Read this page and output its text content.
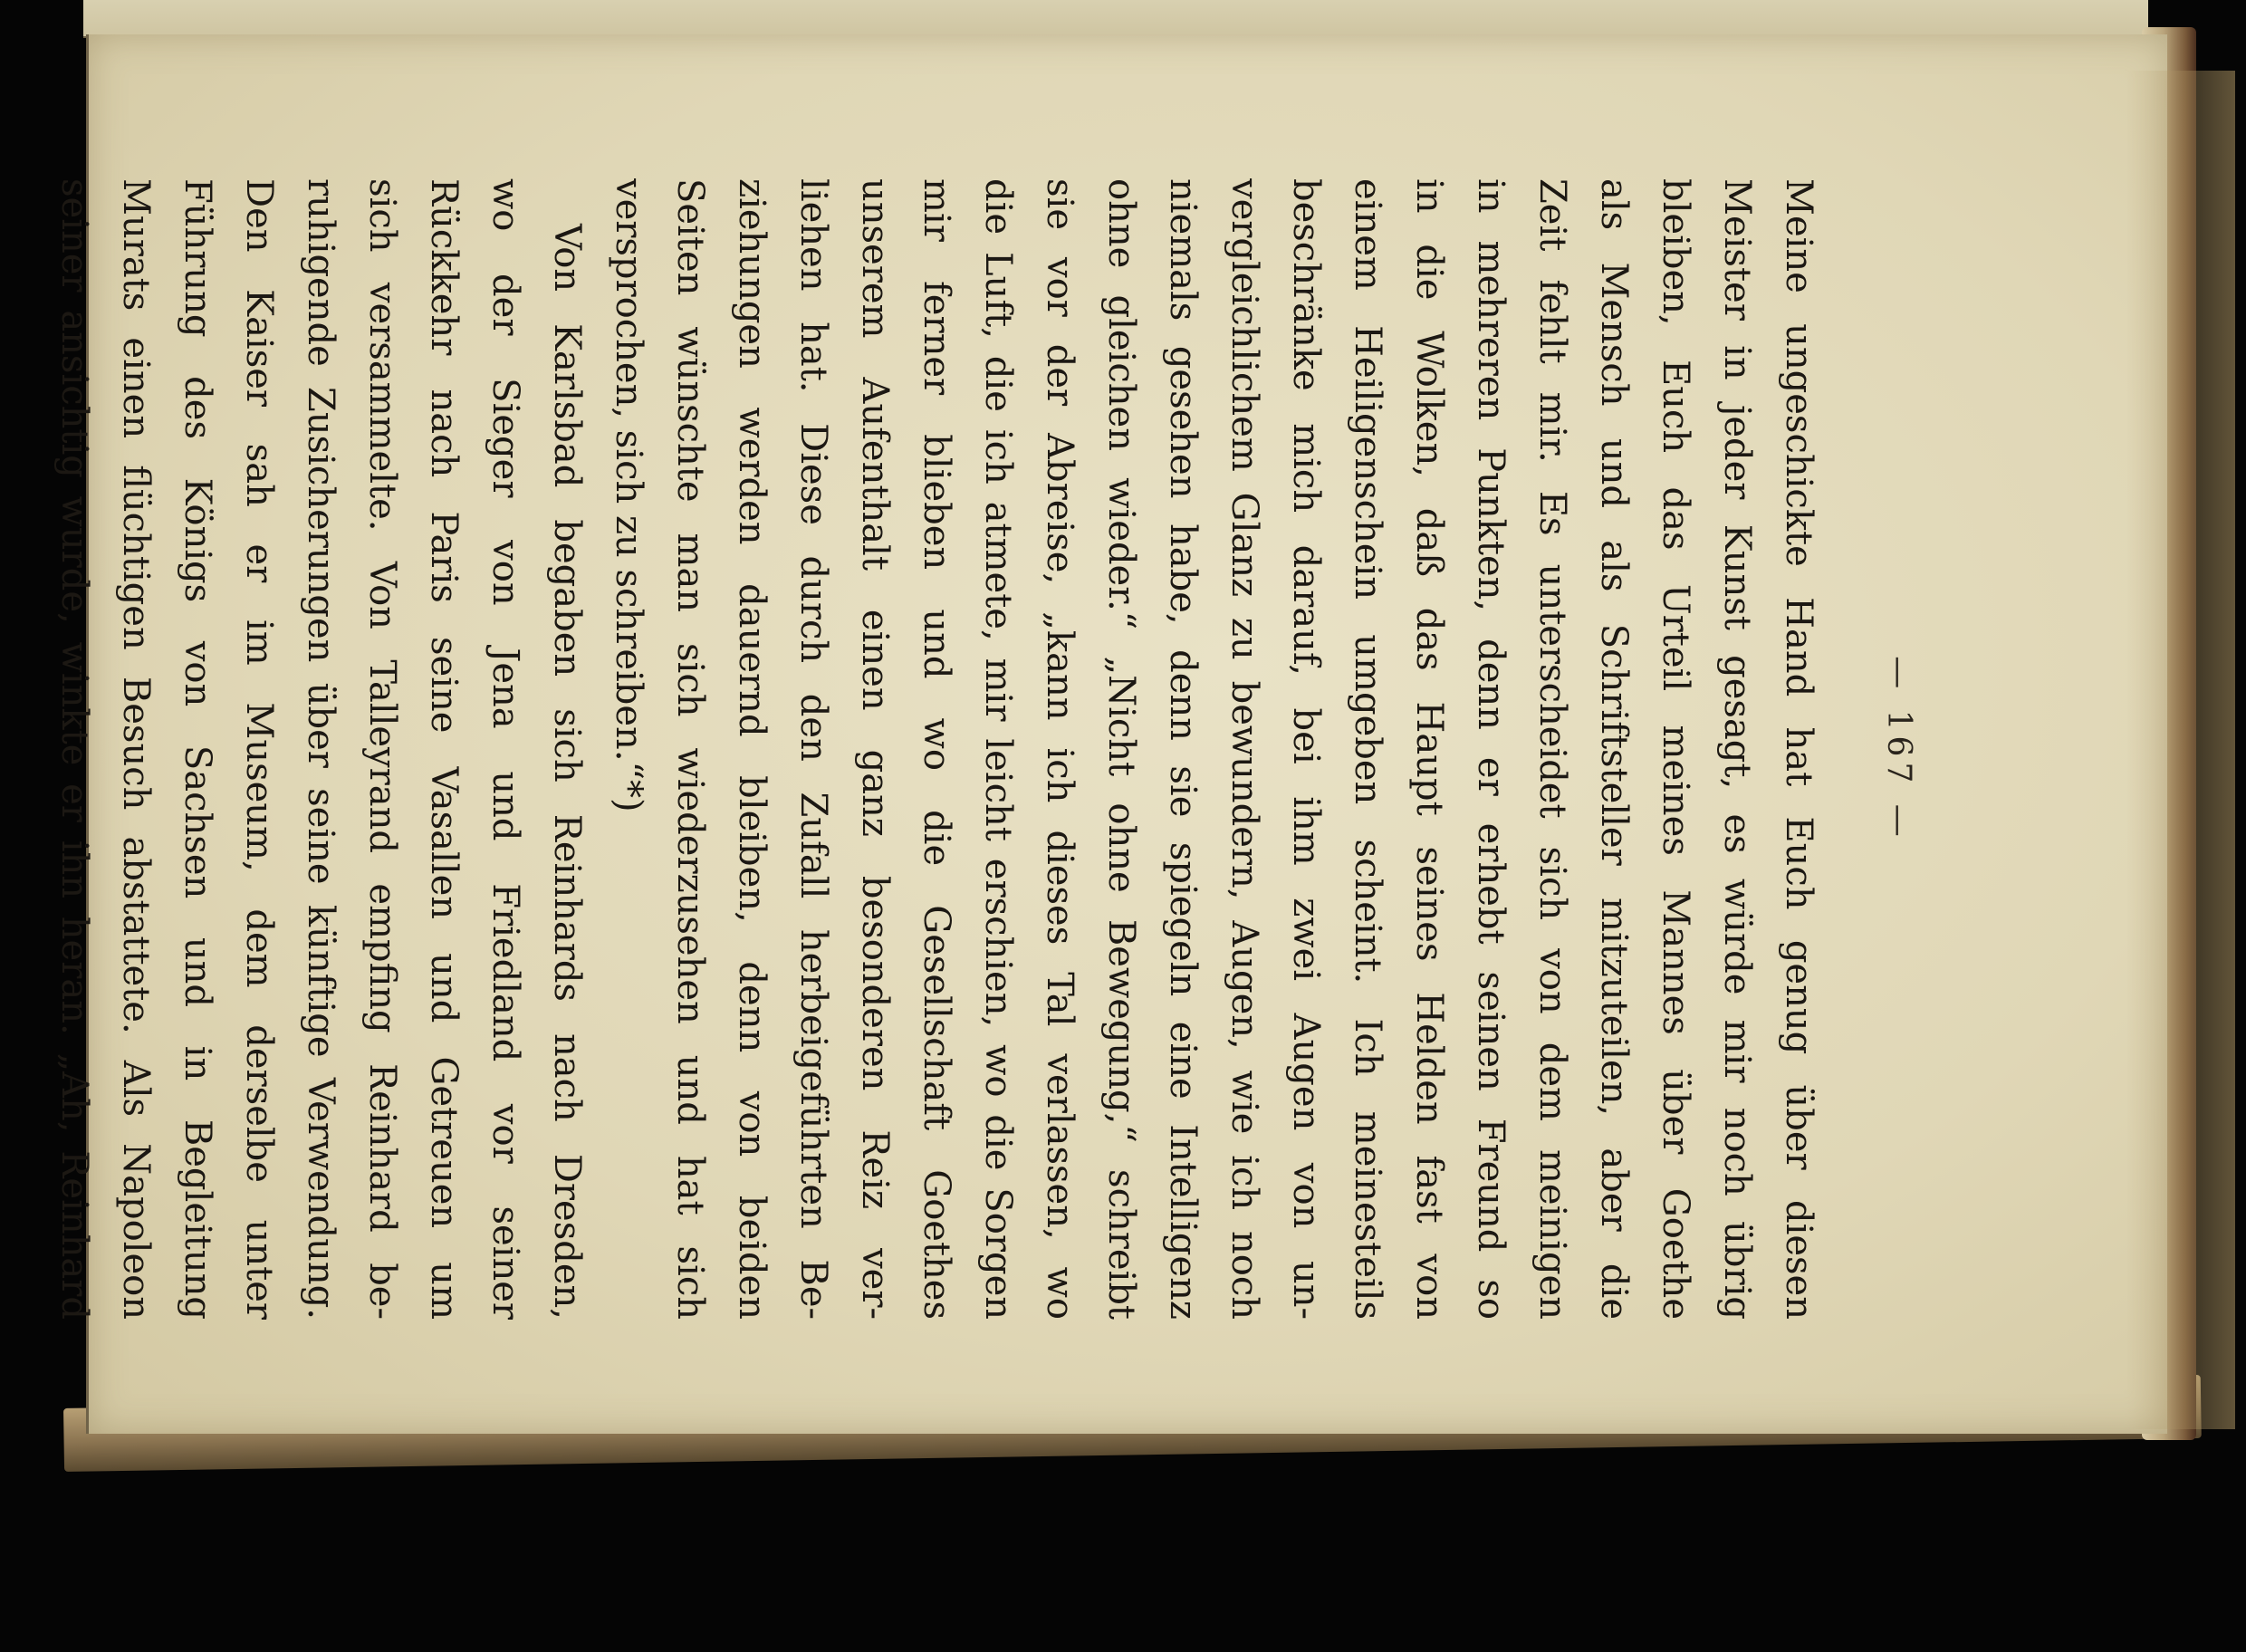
— 167 —
Meine ungeschickte Hand hat Euch genug über diesen
Meister in jeder Kunst gesagt, es würde mir noch übrig
bleiben, Euch das Urteil meines Mannes über Goethe
als Mensch und als Schriftsteller mitzuteilen, aber die
Zeit fehlt mir. Es unterscheidet sich von dem meinigen
in mehreren Punkten, denn er erhebt seinen Freund so
in die Wolken, daß das Haupt seines Helden fast von
einem Heiligenschein umgeben scheint. Ich meinesteils
beschränke mich darauf, bei ihm zwei Augen von un-
vergleichlichem Glanz zu bewundern, Augen, wie ich noch
niemals gesehen habe, denn sie spiegeln eine Intelligenz
ohne gleichen wieder.“ „Nicht ohne Bewegung,“ schreibt
sie vor der Abreise, „kann ich dieses Tal verlassen, wo
die Luft, die ich atmete, mir leicht erschien, wo die Sorgen
mir ferner blieben und wo die Gesellschaft Goethes
unserem Aufenthalt einen ganz besonderen Reiz ver-
liehen hat. Diese durch den Zufall herbeigeführten Be-
ziehungen werden dauernd bleiben, denn von beiden
Seiten wünschte man sich wiederzusehen und hat sich
versprochen, sich zu schreiben.“*)
Von Karlsbad begaben sich Reinhards nach Dresden,
wo der Sieger von Jena und Friedland vor seiner
Rückkehr nach Paris seine Vasallen und Getreuen um
sich versammelte. Von Talleyrand empfing Reinhard be-
ruhigende Zusicherungen über seine künftige Verwendung.
Den Kaiser sah er im Museum, dem derselbe unter
Führung des Königs von Sachsen und in Begleitung
Murats einen flüchtigen Besuch abstattete. Als Napoleon
seiner ansichtig wurde, winkte er ihn heran. „Ah, Reinhard
